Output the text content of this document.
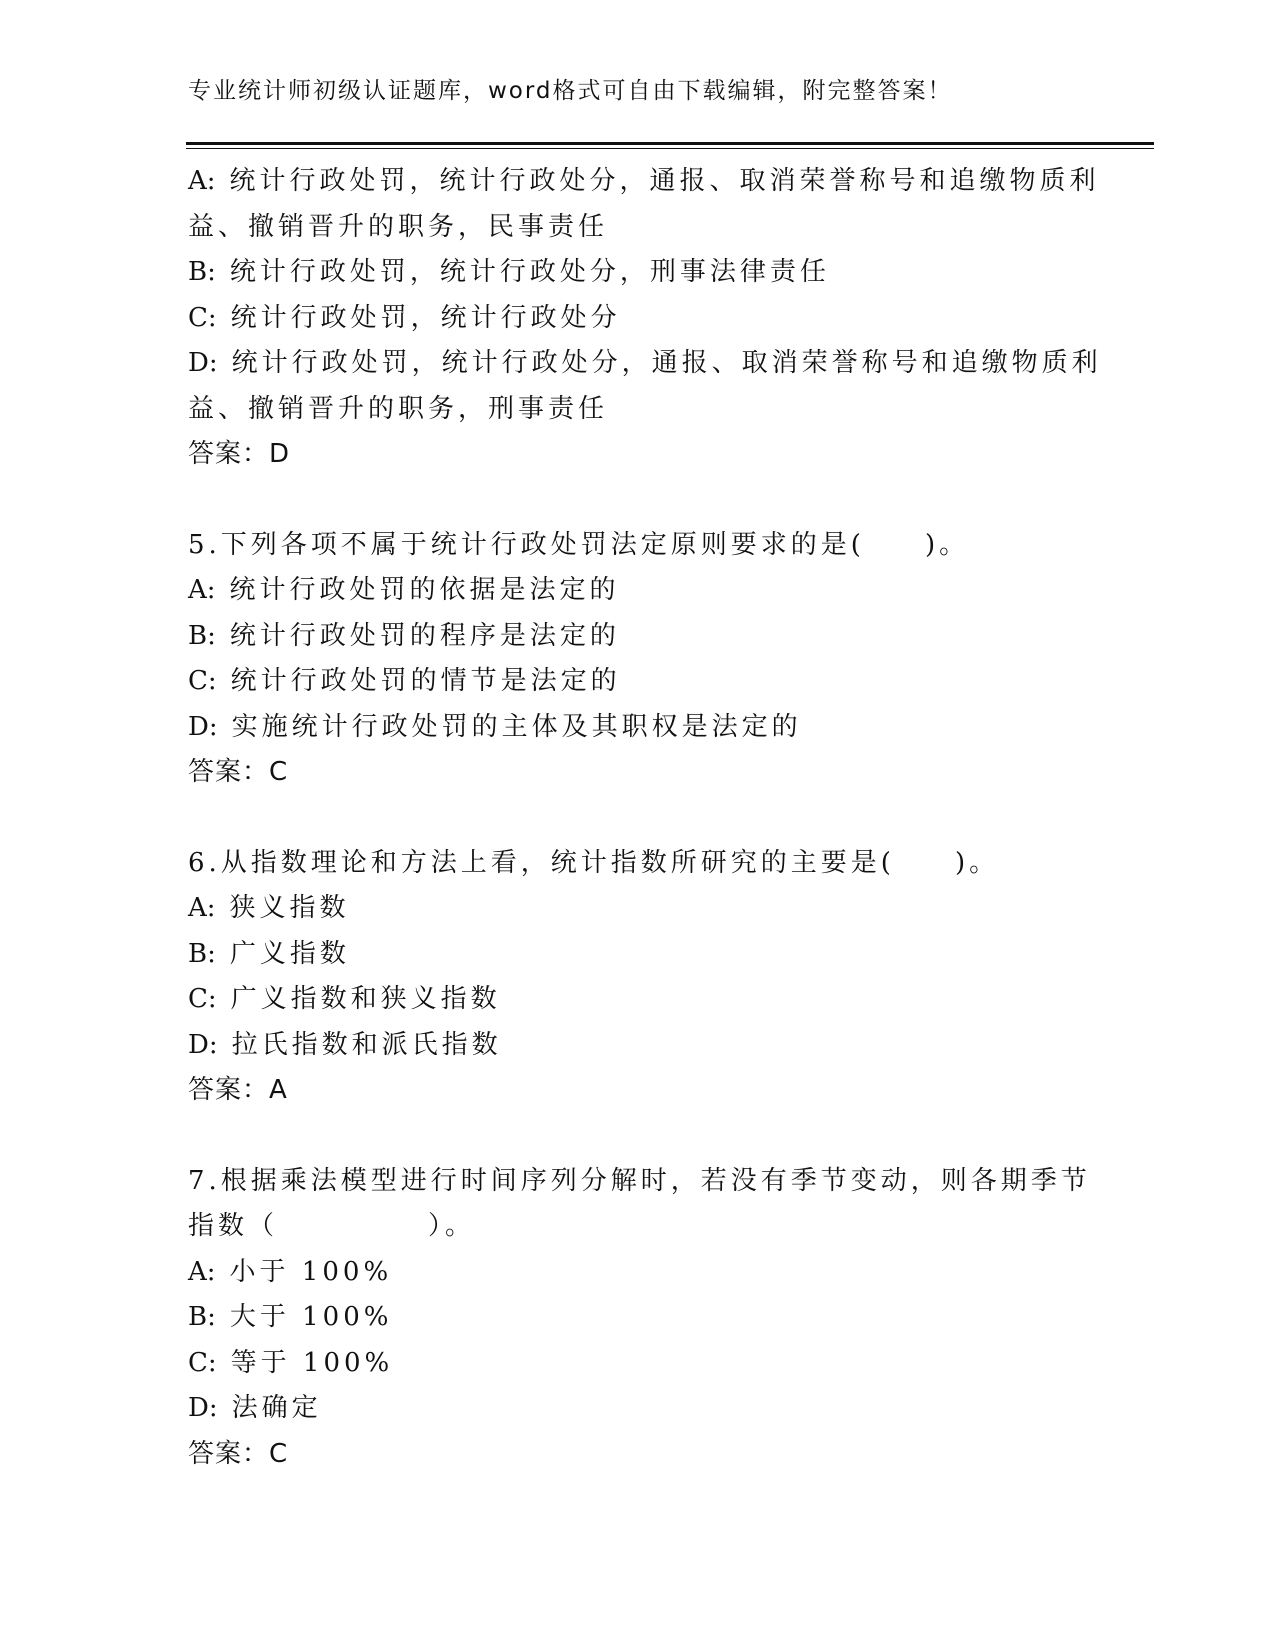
专业统计师初级认证题库，word格式可自由下载编辑，附完整答案！
A: 统计行政处罚，统计行政处分，通报、取消荣誉称号和追缴物质利
益、撤销晋升的职务，民事责任
B: 统计行政处罚，统计行政处分，刑事法律责任
C: 统计行政处罚，统计行政处分
D: 统计行政处罚，统计行政处分，通报、取消荣誉称号和追缴物质利
益、撤销晋升的职务，刑事责任
答案：D
5.下列各项不属于统计行政处罚法定原则要求的是(　　)。
A: 统计行政处罚的依据是法定的
B: 统计行政处罚的程序是法定的
C: 统计行政处罚的情节是法定的
D: 实施统计行政处罚的主体及其职权是法定的
答案：C
6.从指数理论和方法上看，统计指数所研究的主要是(　　)。
A: 狭义指数
B: 广义指数
C: 广义指数和狭义指数
D: 拉氏指数和派氏指数
答案：A
7.根据乘法模型进行时间序列分解时，若没有季节变动，则各期季节
指数（　　　　　）。
A: 小于 100%
B: 大于 100%
C: 等于 100%
D: 法确定
答案：C
